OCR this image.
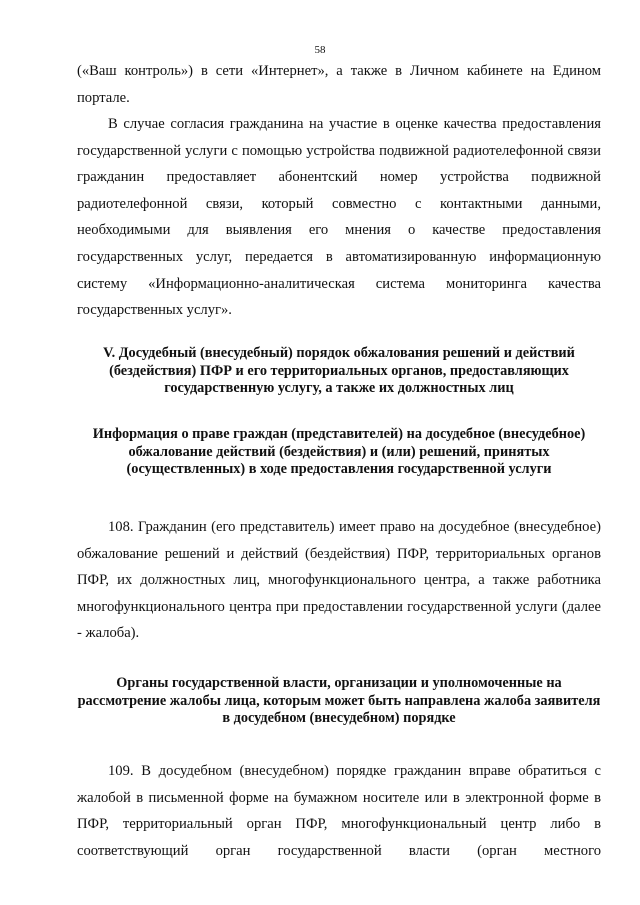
58

(«Ваш контроль») в сети «Интернет», а также в Личном кабинете на Едином портале.

В случае согласия гражданина на участие в оценке качества предоставления государственной услуги с помощью устройства подвижной радиотелефонной связи гражданин предоставляет абонентский номер устройства подвижной радиотелефонной связи, который совместно с контактными данными, необходимыми для выявления его мнения о качестве предоставления государственных услуг, передается в автоматизированную информационную систему «Информационно-аналитическая система мониторинга качества государственных услуг».

V. Досудебный (внесудебный) порядок обжалования решений и действий (бездействия) ПФР и его территориальных органов, предоставляющих государственную услугу, а также их должностных лиц
Информация о праве граждан (представителей) на досудебное (внесудебное) обжалование действий (бездействия) и (или) решений, принятых (осуществленных) в ходе предоставления государственной услуги

108. Гражданин (его представитель) имеет право на досудебное (внесудебное) обжалование решений и действий (бездействия) ПФР, территориальных органов ПФР, их должностных лиц, многофункционального центра, а также работника многофункционального центра при предоставлении государственной услуги (далее - жалоба).

Органы государственной власти, организации и уполномоченные на рассмотрение жалобы лица, которым может быть направлена жалоба заявителя в досудебном (внесудебном) порядке

109. В досудебном (внесудебном) порядке гражданин вправе обратиться с жалобой в письменной форме на бумажном носителе или в электронной форме в ПФР, территориальный орган ПФР, многофункциональный центр либо в соответствующий орган государственной власти (орган местного
